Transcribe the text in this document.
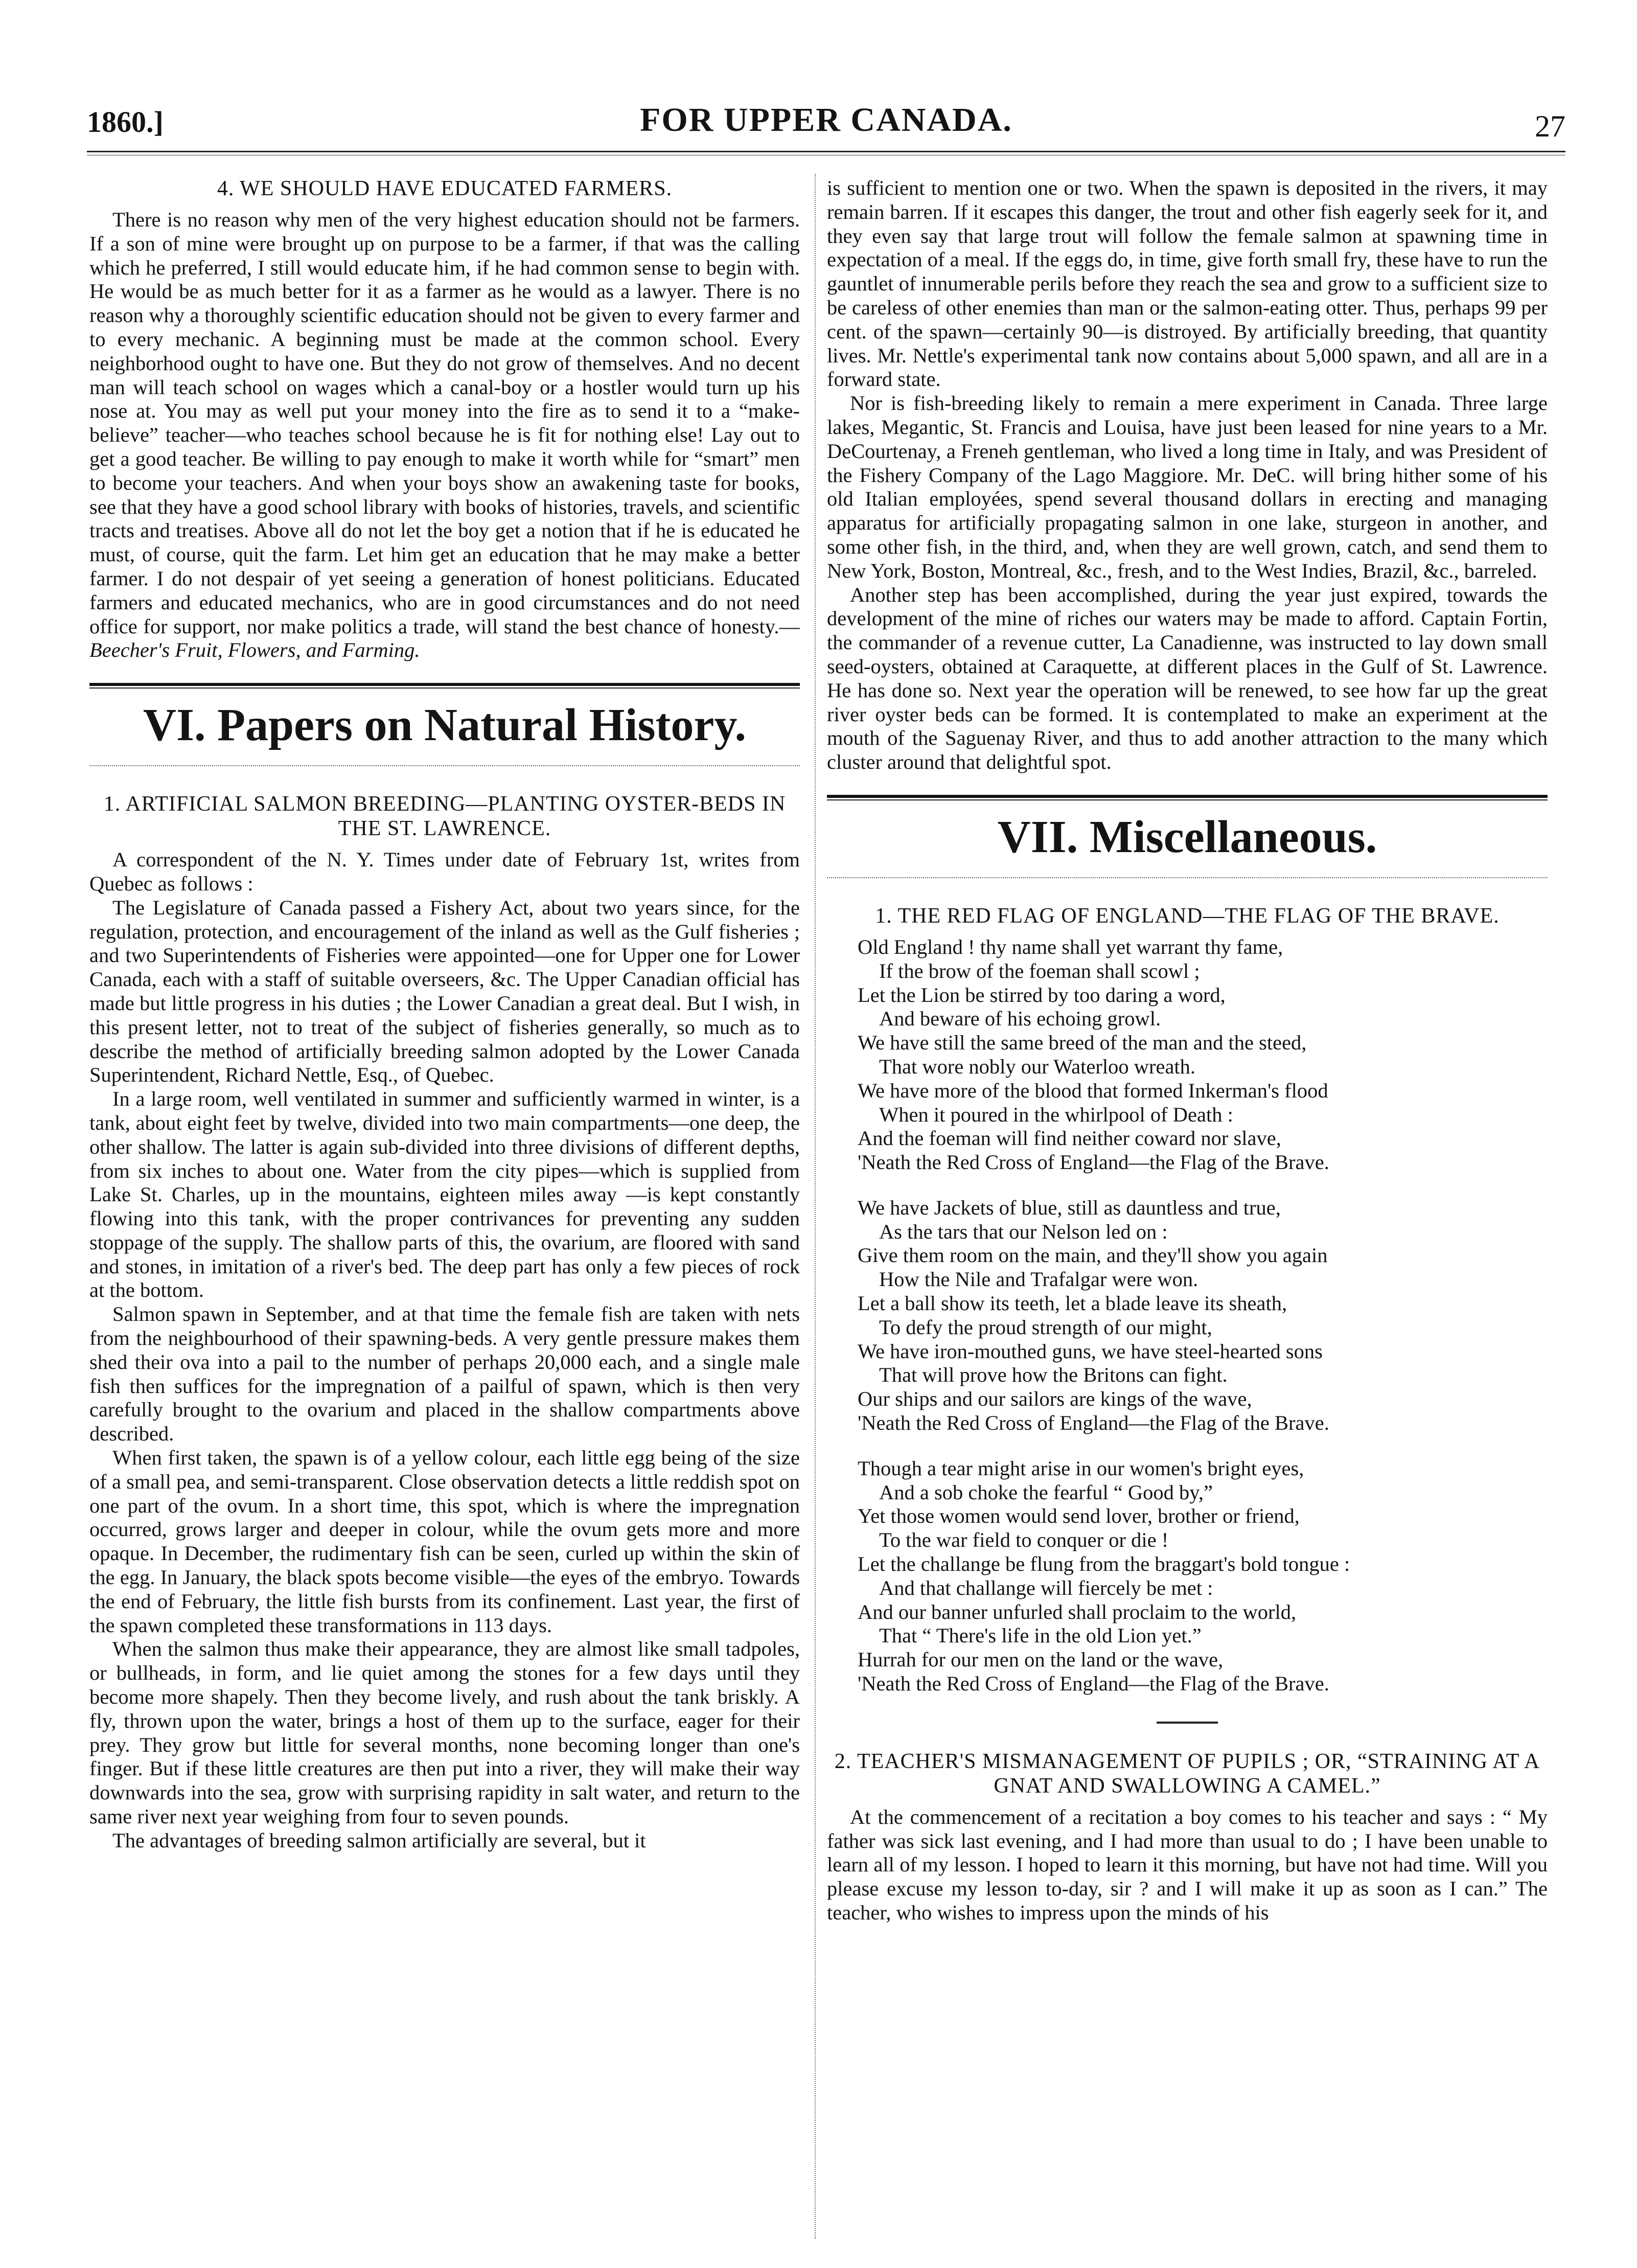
1860.]	FOR UPPER CANADA.	27
4. WE SHOULD HAVE EDUCATED FARMERS.

There is no reason why men of the very highest education should not be farmers. If a son of mine were brought up on purpose to be a farmer, if that was the calling which he preferred, I still would educate him, if he had common sense to begin with. He would be as much better for it as a farmer as he would as a lawyer. There is no reason why a thoroughly scientific education should not be given to every farmer and to every mechanic. A beginning must be made at the common school. Every neighborhood ought to have one. But they do not grow of themselves. And no decent man will teach school on wages which a canal-boy or a hostler would turn up his nose at. You may as well put your money into the fire as to send it to a “make-believe” teacher—who teaches school because he is fit for nothing else! Lay out to get a good teacher. Be willing to pay enough to make it worth while for “smart” men to become your teachers. And when your boys show an awakening taste for books, see that they have a good school library with books of histories, travels, and scientific tracts and treatises. Above all do not let the boy get a notion that if he is educated he must, of course, quit the farm. Let him get an education that he may make a better farmer. I do not despair of yet seeing a generation of honest politicians. Educated farmers and educated mechanics, who are in good circumstances and do not need office for support, nor make politics a trade, will stand the best chance of honesty.—Beecher's Fruit, Flowers, and Farming.

VI. Papers on Natural History.
1. ARTIFICIAL SALMON BREEDING—PLANTING OYSTER-BEDS IN THE ST. LAWRENCE.

A correspondent of the N. Y. Times under date of February 1st, writes from Quebec as follows :

The Legislature of Canada passed a Fishery Act, about two years since, for the regulation, protection, and encouragement of the inland as well as the Gulf fisheries ; and two Superintendents of Fisheries were appointed—one for Upper one for Lower Canada, each with a staff of suitable overseers, &c. The Upper Canadian official has made but little progress in his duties ; the Lower Canadian a great deal. But I wish, in this present letter, not to treat of the subject of fisheries generally, so much as to describe the method of artificially breeding salmon adopted by the Lower Canada Superintendent, Richard Nettle, Esq., of Quebec.

In a large room, well ventilated in summer and sufficiently warmed in winter, is a tank, about eight feet by twelve, divided into two main compartments—one deep, the other shallow. The latter is again sub-divided into three divisions of different depths, from six inches to about one. Water from the city pipes—which is supplied from Lake St. Charles, up in the mountains, eighteen miles away —is kept constantly flowing into this tank, with the proper contrivances for preventing any sudden stoppage of the supply. The shallow parts of this, the ovarium, are floored with sand and stones, in imitation of a river's bed. The deep part has only a few pieces of rock at the bottom.

Salmon spawn in September, and at that time the female fish are taken with nets from the neighbourhood of their spawning-beds. A very gentle pressure makes them shed their ova into a pail to the number of perhaps 20,000 each, and a single male fish then suffices for the impregnation of a pailful of spawn, which is then very carefully brought to the ovarium and placed in the shallow compartments above described.

When first taken, the spawn is of a yellow colour, each little egg being of the size of a small pea, and semi-transparent. Close observation detects a little reddish spot on one part of the ovum. In a short time, this spot, which is where the impregnation occurred, grows larger and deeper in colour, while the ovum gets more and more opaque. In December, the rudimentary fish can be seen, curled up within the skin of the egg. In January, the black spots become visible—the eyes of the embryo. Towards the end of February, the little fish bursts from its confinement. Last year, the first of the spawn completed these transformations in 113 days.

When the salmon thus make their appearance, they are almost like small tadpoles, or bullheads, in form, and lie quiet among the stones for a few days until they become more shapely. Then they become lively, and rush about the tank briskly. A fly, thrown upon the water, brings a host of them up to the surface, eager for their prey. They grow but little for several months, none becoming longer than one's finger. But if these little creatures are then put into a river, they will make their way downwards into the sea, grow with surprising rapidity in salt water, and return to the same river next year weighing from four to seven pounds.

The advantages of breeding salmon artificially are several, but it

is sufficient to mention one or two. When the spawn is deposited in the rivers, it may remain barren. If it escapes this danger, the trout and other fish eagerly seek for it, and they even say that large trout will follow the female salmon at spawning time in expectation of a meal. If the eggs do, in time, give forth small fry, these have to run the gauntlet of innumerable perils before they reach the sea and grow to a sufficient size to be careless of other enemies than man or the salmon-eating otter. Thus, perhaps 99 per cent. of the spawn—certainly 90—is distroyed. By artificially breeding, that quantity lives. Mr. Nettle's experimental tank now contains about 5,000 spawn, and all are in a forward state.

Nor is fish-breeding likely to remain a mere experiment in Canada. Three large lakes, Megantic, St. Francis and Louisa, have just been leased for nine years to a Mr. DeCourtenay, a Freneh gentleman, who lived a long time in Italy, and was President of the Fishery Company of the Lago Maggiore. Mr. DeC. will bring hither some of his old Italian employées, spend several thousand dollars in erecting and managing apparatus for artificially propagating salmon in one lake, sturgeon in another, and some other fish, in the third, and, when they are well grown, catch, and send them to New York, Boston, Montreal, &c., fresh, and to the West Indies, Brazil, &c., barreled.

Another step has been accomplished, during the year just expired, towards the development of the mine of riches our waters may be made to afford. Captain Fortin, the commander of a revenue cutter, La Canadienne, was instructed to lay down small seed-oysters, obtained at Caraquette, at different places in the Gulf of St. Lawrence. He has done so. Next year the operation will be renewed, to see how far up the great river oyster beds can be formed. It is contemplated to make an experiment at the mouth of the Saguenay River, and thus to add another attraction to the many which cluster around that delightful spot.

VII. Miscellaneous.
1. THE RED FLAG OF ENGLAND—THE FLAG OF THE BRAVE.
Old England ! thy name shall yet warrant thy fame,
If the brow of the foeman shall scowl ;
Let the Lion be stirred by too daring a word,
And beware of his echoing growl.
We have still the same breed of the man and the steed,
That wore nobly our Waterloo wreath.
We have more of the blood that formed Inkerman's flood
When it poured in the whirlpool of Death :
And the foeman will find neither coward nor slave,
'Neath the Red Cross of England—the Flag of the Brave.
We have Jackets of blue, still as dauntless and true,
As the tars that our Nelson led on :
Give them room on the main, and they'll show you again
How the Nile and Trafalgar were won.
Let a ball show its teeth, let a blade leave its sheath,
To defy the proud strength of our might,
We have iron-mouthed guns, we have steel-hearted sons
That will prove how the Britons can fight.
Our ships and our sailors are kings of the wave,
'Neath the Red Cross of England—the Flag of the Brave.
Though a tear might arise in our women's bright eyes,
And a sob choke the fearful “ Good by,”
Yet those women would send lover, brother or friend,
To the war field to conquer or die !
Let the challange be flung from the braggart's bold tongue :
And that challange will fiercely be met :
And our banner unfurled shall proclaim to the world,
That “ There's life in the old Lion yet.”
Hurrah for our men on the land or the wave,
'Neath the Red Cross of England—the Flag of the Brave.
2. TEACHER'S MISMANAGEMENT OF PUPILS ; OR, “STRAINING AT A GNAT AND SWALLOWING A CAMEL.”

At the commencement of a recitation a boy comes to his teacher and says : “ My father was sick last evening, and I had more than usual to do ; I have been unable to learn all of my lesson. I hoped to learn it this morning, but have not had time. Will you please excuse my lesson to-day, sir ? and I will make it up as soon as I can.” The teacher, who wishes to impress upon the minds of his
